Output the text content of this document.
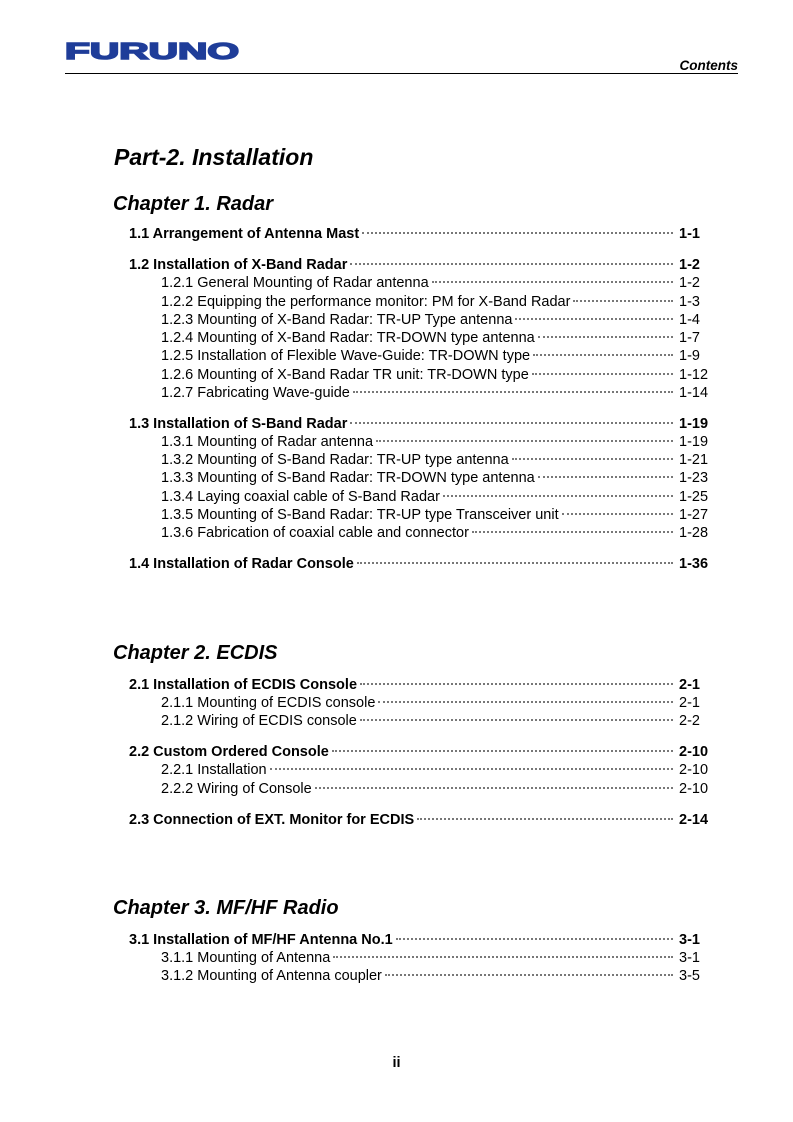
FURUNO
Contents
Part-2. Installation
Chapter 1. Radar
1.1 Arrangement of Antenna Mast	1-1
1.2 Installation of X-Band Radar	1-2
1.2.1 General Mounting of Radar antenna	1-2
1.2.2 Equipping the performance monitor: PM for X-Band Radar	1-3
1.2.3 Mounting of X-Band Radar: TR-UP Type antenna	1-4
1.2.4 Mounting of X-Band Radar: TR-DOWN type antenna	1-7
1.2.5 Installation of Flexible Wave-Guide: TR-DOWN type	1-9
1.2.6 Mounting of X-Band Radar TR unit: TR-DOWN type	1-12
1.2.7 Fabricating Wave-guide	1-14
1.3 Installation of S-Band Radar	1-19
1.3.1 Mounting of Radar antenna	1-19
1.3.2 Mounting of S-Band Radar: TR-UP type antenna	1-21
1.3.3 Mounting of S-Band Radar: TR-DOWN type antenna	1-23
1.3.4 Laying coaxial cable of S-Band Radar	1-25
1.3.5 Mounting of S-Band Radar: TR-UP type Transceiver unit	1-27
1.3.6 Fabrication of coaxial cable and connector	1-28
1.4 Installation of Radar Console	1-36
Chapter 2. ECDIS
2.1 Installation of ECDIS Console	2-1
2.1.1 Mounting of ECDIS console	2-1
2.1.2 Wiring of ECDIS console	2-2
2.2 Custom Ordered Console	2-10
2.2.1 Installation	2-10
2.2.2 Wiring of Console	2-10
2.3 Connection of EXT. Monitor for ECDIS	2-14
Chapter 3. MF/HF Radio
3.1 Installation of MF/HF Antenna No.1	3-1
3.1.1 Mounting of Antenna	3-1
3.1.2 Mounting of Antenna coupler	3-5
ii
